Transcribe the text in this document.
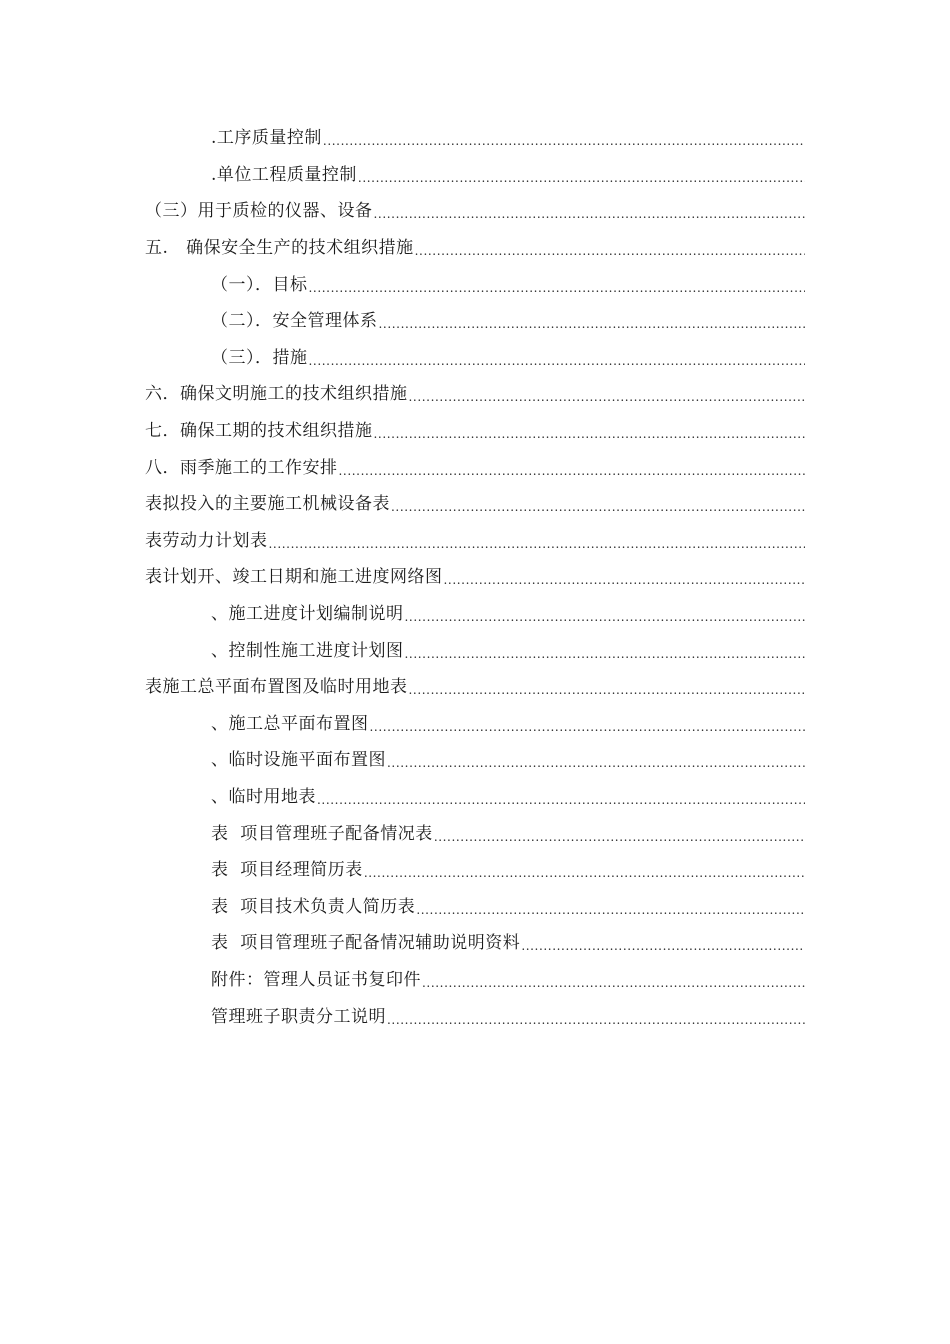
.工序质量控制
.....
.单位工程质量控制
.....
（三）用于质检的仪器、设备
.....
五.   确保安全生产的技术组织措施
.....
（一）．目标
.....
（二）．安全管理体系
.....
（三）．措施
.....
六．确保文明施工的技术组织措施
.....
七．确保工期的技术组织措施
.....
八．雨季施工的工作安排
.....
表拟投入的主要施工机械设备表
.....
表劳动力计划表
.....
表计划开、竣工日期和施工进度网络图
.....
、施工进度计划编制说明
.....
、控制性施工进度计划图
.....
表施工总平面布置图及临时用地表
.....
、施工总平面布置图
.....
、临时设施平面布置图
.....
、临时用地表
.....
表  项目管理班子配备情况表
.....
表  项目经理简历表
.....
表  项目技术负责人简历表
.....
表  项目管理班子配备情况辅助说明资料
.....
附件：管理人员证书复印件
.....
管理班子职责分工说明
.....
